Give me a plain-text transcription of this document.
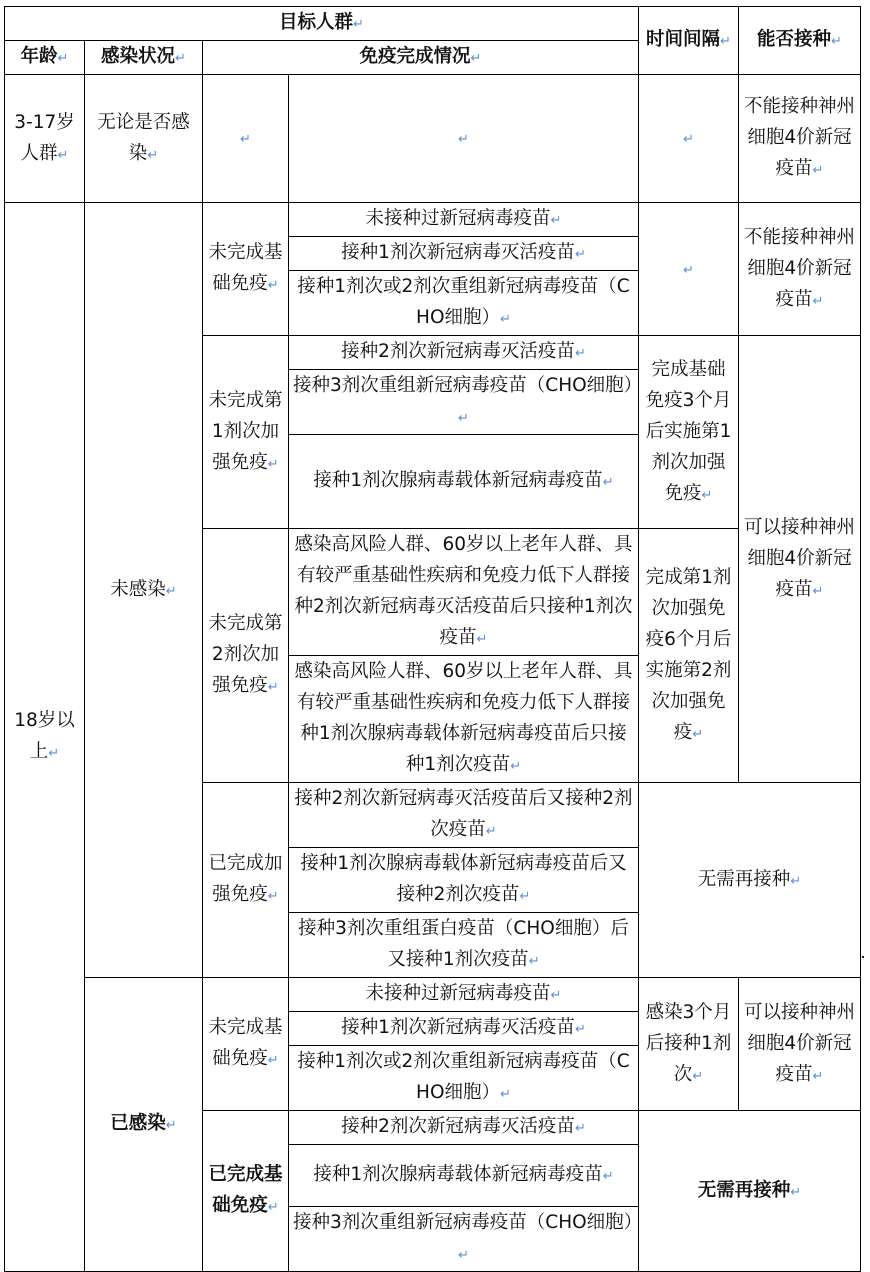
目标人群 ↵				时间间隔 ↵	能否接种 ↵
年龄 ↵	感染状况 ↵	免疫完成情况 ↵
3-17岁人群 ↵	无论是否感染 ↵	↵	↵	↵	不能接种神州细胞4价新冠疫苗 ↵
18岁以上 ↵	未感染 ↵	未完成基础免疫 ↵	未接种过新冠病毒疫苗 ↵	↵	不能接种神州细胞4价新冠疫苗 ↵
			接种1剂次新冠病毒灭活疫苗 ↵
			接种1剂次或2剂次重组新冠病毒疫苗（CHO细胞） ↵
		未完成第1剂次加强免疫 ↵	接种2剂次新冠病毒灭活疫苗 ↵	完成基础免疫3个月后实施第1剂次加强免疫 ↵	可以接种神州细胞4价新冠疫苗 ↵
			接种3剂次重组新冠病毒疫苗（CHO细胞） ↵
			接种1剂次腺病毒载体新冠病毒疫苗 ↵
		未完成第2剂次加强免疫 ↵	感染高风险人群、60岁以上老年人群、具有较严重基础性疾病和免疫力低下人群接种2剂次新冠病毒灭活疫苗后只接种1剂次疫苗 ↵	完成第1剂次加强免疫6个月后实施第2剂次加强免疫 ↵
			感染高风险人群、60岁以上老年人群、具有较严重基础性疾病和免疫力低下人群接种1剂次腺病毒载体新冠病毒疫苗后只接种1剂次疫苗 ↵
		已完成加强免疫 ↵	接种2剂次新冠病毒灭活疫苗后又接种2剂次疫苗 ↵	无需再接种 ↵
			接种1剂次腺病毒载体新冠病毒疫苗后又接种2剂次疫苗 ↵
			接种3剂次重组蛋白疫苗（CHO细胞）后又接种1剂次疫苗 ↵

	已感染 ↵	未完成基础免疫 ↵	未接种过新冠病毒疫苗 ↵	感染3个月后接种1剂次 ↵	可以接种神州细胞4价新冠疫苗 ↵
			接种1剂次新冠病毒灭活疫苗 ↵
			接种1剂次或2剂次重组新冠病毒疫苗（CHO细胞） ↵
		已完成基础免疫 ↵	接种2剂次新冠病毒灭活疫苗 ↵	无需再接种 ↵
			接种1剂次腺病毒载体新冠病毒疫苗 ↵
			接种3剂次重组新冠病毒疫苗（CHO细胞） ↵
